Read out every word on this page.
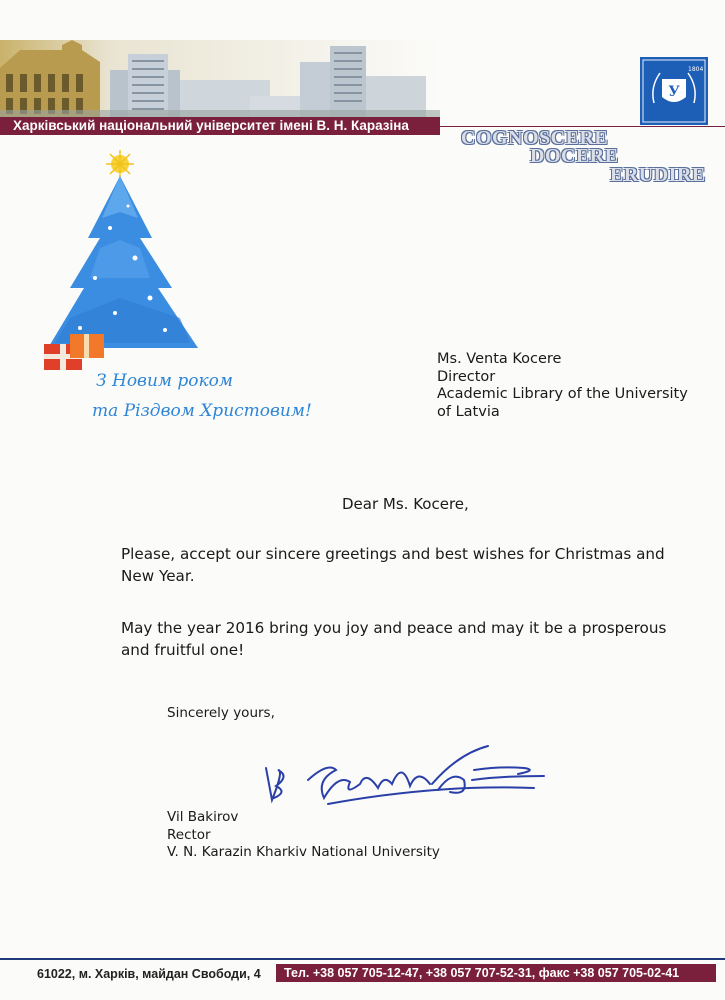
Харківський національний університет імені В. Н. Каразіна
У
1804
COGNOSCERE
DOCERE
ERUDIRE
З Новим роком
та Різдвом Христовим!
Ms. Venta Kocere
Director
Academic Library of the University
of Latvia
Dear Ms. Kocere,
Please, accept our sincere greetings and best wishes for Christmas and New Year.
May the year 2016 bring you joy and peace and may it be a prosperous and fruitful one!
Sincerely yours,
Vil Bakirov
Rector
V. N. Karazin Kharkiv National University
61022, м. Харків, майдан Свободи, 4	Тел. +38 057 705-12-47, +38 057 707-52-31, факс +38 057 705-02-41
